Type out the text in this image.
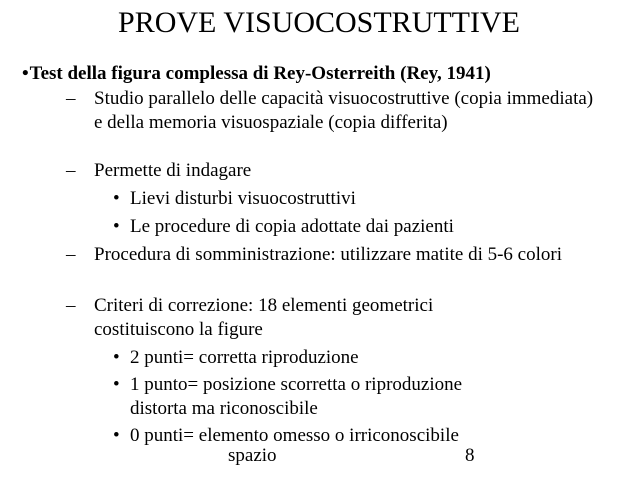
PROVE VISUOCOSTRUTTIVE
•Test della figura complessa di Rey-Osterreith (Rey, 1941)
– Studio parallelo delle capacità visuocostruttive (copia immediata) e della memoria visuospaziale (copia differita)
– Permette di indagare
• Lievi disturbi visuocostruttivi
• Le procedure di copia adottate dai pazienti
– Procedura di somministrazione: utilizzare matite di 5-6 colori
– Criteri di correzione: 18 elementi geometrici costituiscono la figure
• 2 punti= corretta riproduzione
• 1 punto= posizione scorretta o riproduzione distorta ma riconoscibile
• 0 punti= elemento omesso o irriconoscibile
spazio	8
